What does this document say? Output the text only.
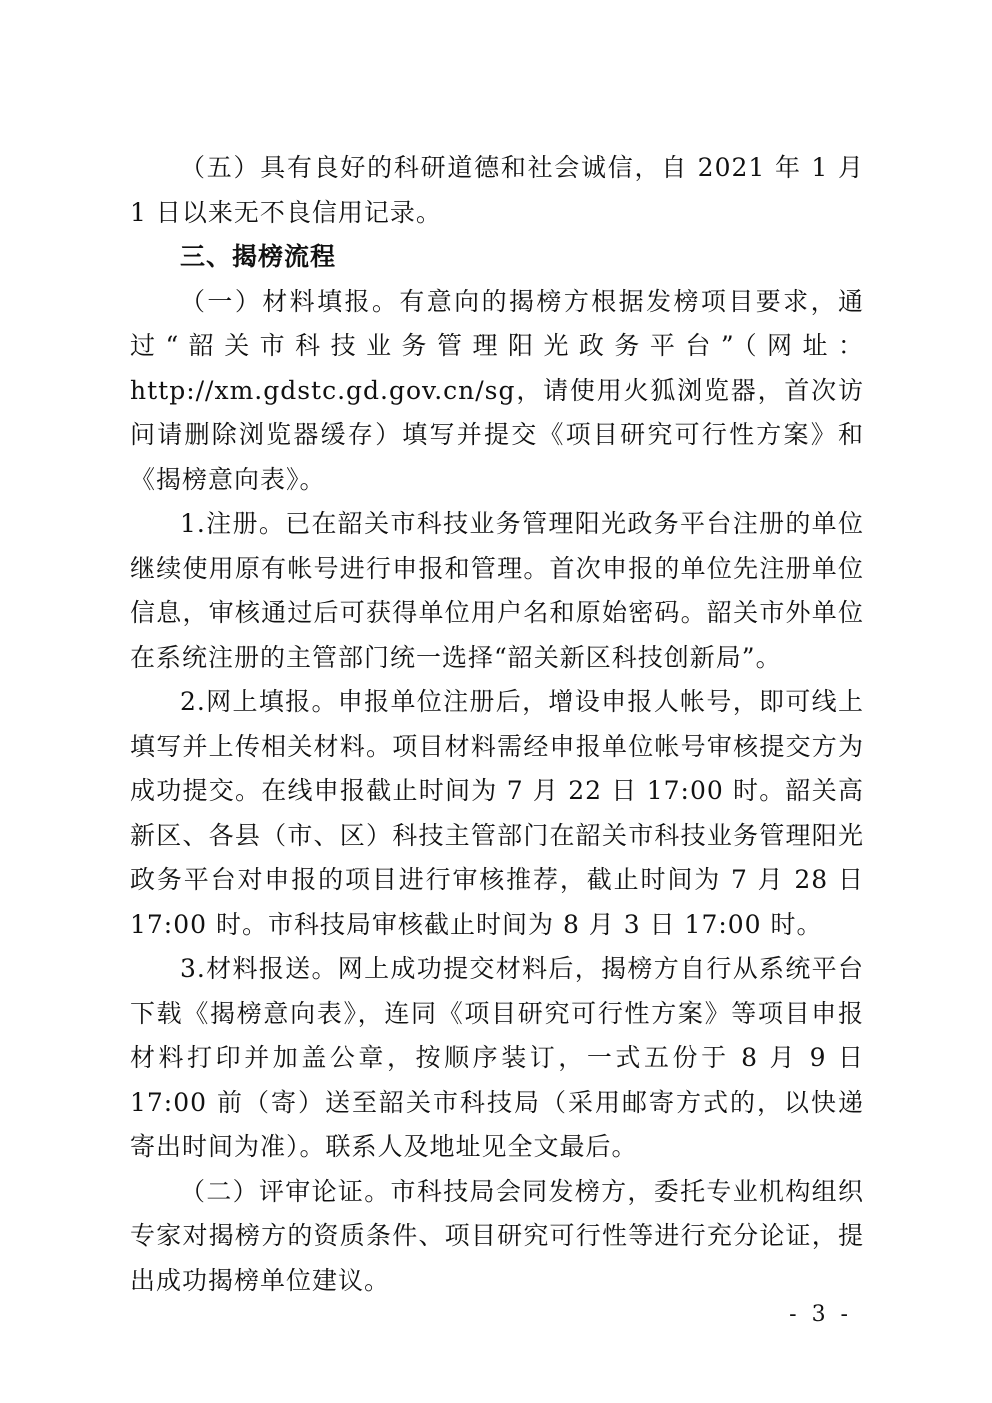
（五）具有良好的科研道德和社会诚信，自 2021 年 1 月 1 日以来无不良信用记录。

三、揭榜流程

（一）材料填报。有意向的揭榜方根据发榜项目要求，通过“韶关市科技业务管理阳光政务平台”（网址：http://xm.gdstc.gd.gov.cn/sg，请使用火狐浏览器，首次访问请删除浏览器缓存）填写并提交《项目研究可行性方案》和《揭榜意向表》。

1.注册。已在韶关市科技业务管理阳光政务平台注册的单位继续使用原有帐号进行申报和管理。首次申报的单位先注册单位信息，审核通过后可获得单位用户名和原始密码。韶关市外单位在系统注册的主管部门统一选择“韶关新区科技创新局”。

2.网上填报。申报单位注册后，增设申报人帐号，即可线上填写并上传相关材料。项目材料需经申报单位帐号审核提交方为成功提交。在线申报截止时间为 7 月 22 日 17:00 时。韶关高新区、各县（市、区）科技主管部门在韶关市科技业务管理阳光政务平台对申报的项目进行审核推荐，截止时间为 7 月 28 日 17:00 时。市科技局审核截止时间为 8 月 3 日 17:00 时。

3.材料报送。网上成功提交材料后，揭榜方自行从系统平台下载《揭榜意向表》，连同《项目研究可行性方案》等项目申报材料打印并加盖公章，按顺序装订，一式五份于 8 月 9 日 17:00 前（寄）送至韶关市科技局（采用邮寄方式的，以快递寄出时间为准）。联系人及地址见全文最后。

（二）评审论证。市科技局会同发榜方，委托专业机构组织专家对揭榜方的资质条件、项目研究可行性等进行充分论证，提出成功揭榜单位建议。

- 3 -
